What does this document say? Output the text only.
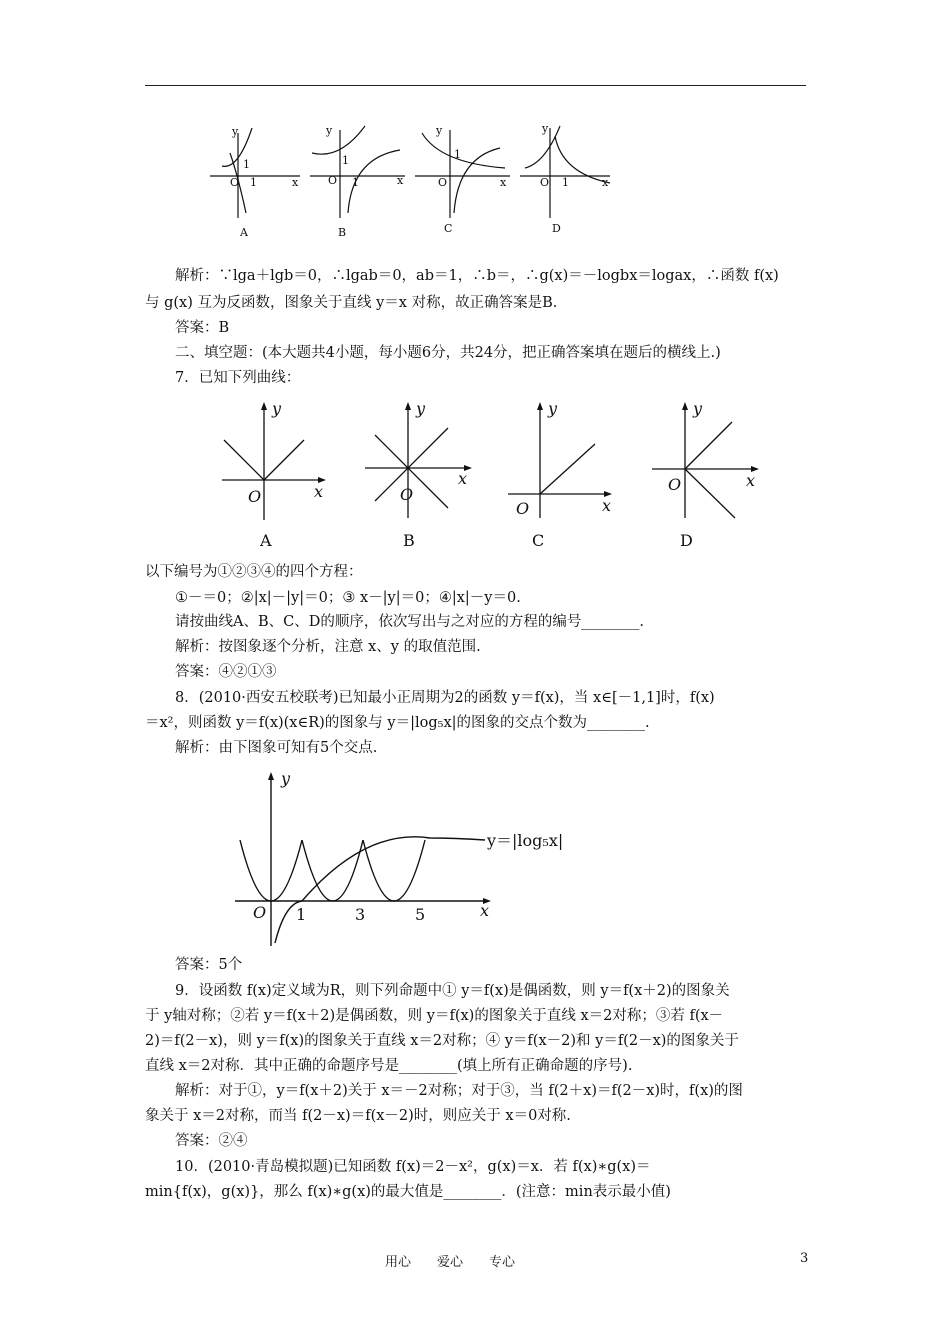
y
x
O
1
1
A
y
x
O
1
1
B
y
x
O
1
C
y
x
O 1
D
解析：∵lga＋lgb＝0，∴lgab＝0，ab＝1，∴b＝，∴g(x)＝－logbx＝logax，∴函数 f(x)
与 g(x) 互为反函数，图象关于直线 y＝x 对称，故正确答案是B.
答案：B
二、填空题：(本大题共4小题，每小题6分，共24分，把正确答案填在题后的横线上.)
7．已知下列曲线：
y
x
O
y
x
O
y
x
O
y
x
O
A	B	C	D
以下编号为①②③④的四个方程：
①－＝0；②|x|－|y|＝0；③ x－|y|＝0；④|x|－y＝0.
请按曲线A、B、C、D的顺序，依次写出与之对应的方程的编号________.
解析：按图象逐个分析，注意 x、y 的取值范围.
答案：④②①③
8．(2010·西安五校联考)已知最小正周期为2的函数 y＝f(x)，当 x∈[－1,1]时，f(x)
＝x²，则函数 y＝f(x)(x∈R)的图象与 y＝|log₅x|的图象的交点个数为________.
解析：由下图象可知有5个交点.
y
x
O 1	3	5
y＝|log₅x|
答案：5个
9．设函数 f(x)定义域为R，则下列命题中① y＝f(x)是偶函数，则 y＝f(x＋2)的图象关
于 y轴对称；②若 y＝f(x＋2)是偶函数，则 y＝f(x)的图象关于直线 x＝2对称；③若 f(x－
2)＝f(2－x)，则 y＝f(x)的图象关于直线 x＝2对称；④ y＝f(x－2)和 y＝f(2－x)的图象关于
直线 x＝2对称．其中正确的命题序号是________(填上所有正确命题的序号).
解析：对于①，y＝f(x＋2)关于 x＝－2对称；对于③，当 f(2＋x)＝f(2－x)时，f(x)的图
象关于 x＝2对称，而当 f(2－x)＝f(x－2)时，则应关于 x＝0对称.
答案：②④
10．(2010·青岛模拟题)已知函数 f(x)＝2－x²，g(x)＝x．若 f(x)∗g(x)＝
min{f(x)，g(x)}，那么 f(x)∗g(x)的最大值是________．(注意：min表示最小值)
用心　　爱心　　专心	3
